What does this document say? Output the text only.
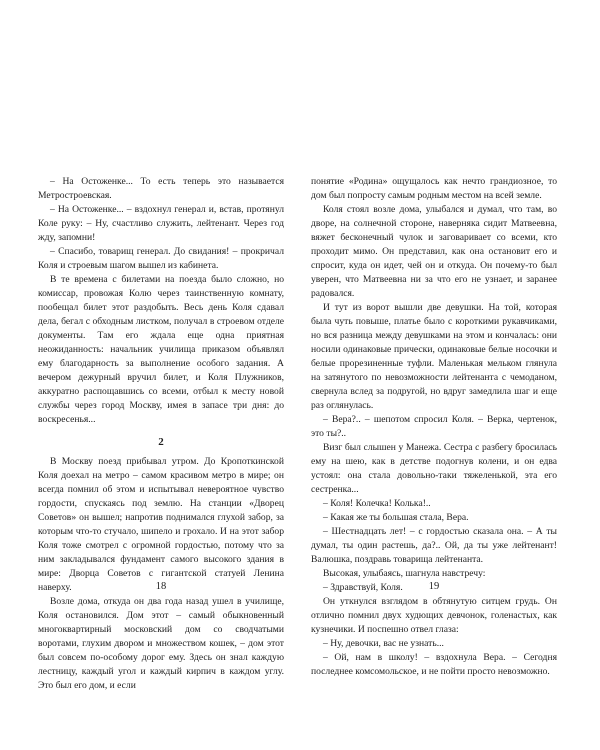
– На Остоженке... То есть теперь это называется Метростроевская.

– На Остоженке... – вздохнул генерал и, встав, протянул Коле руку: – Ну, счастливо служить, лейтенант. Через год жду, запомни!

– Спасибо, товарищ генерал. До свидания! – прокричал Коля и строевым шагом вышел из кабинета.

В те времена с билетами на поезда было сложно, но комиссар, провожая Колю через таинственную комнату, пообещал билет этот раздобыть. Весь день Коля сдавал дела, бегал с обходным листком, получал в строевом отделе документы. Там его ждала еще одна приятная неожиданность: начальник училища приказом объявлял ему благодарность за выполнение особого задания. А вечером дежурный вручил билет, и Коля Плужников, аккуратно распощавшись со всеми, отбыл к месту новой службы через город Москву, имея в запасе три дня: до воскресенья...

2

В Москву поезд прибывал утром. До Кропоткинской Коля доехал на метро – самом красивом метро в мире; он всегда помнил об этом и испытывал невероятное чувство гордости, спускаясь под землю. На станции «Дворец Советов» он вышел; напротив поднимался глухой забор, за которым что-то стучало, шипело и грохало. И на этот забор Коля тоже смотрел с огромной гордостью, потому что за ним закладывался фундамент самого высокого здания в мире: Дворца Советов с гигантской статуей Ленина наверху.

Возле дома, откуда он два года назад ушел в училище, Коля остановился. Дом этот – самый обыкновенный многоквартирный московский дом со сводчатыми воротами, глухим двором и множеством кошек, – дом этот был совсем по-особому дорог ему. Здесь он знал каждую лестницу, каждый угол и каждый кирпич в каждом углу. Это был его дом, и если

18

понятие «Родина» ощущалось как нечто грандиозное, то дом был попросту самым родным местом на всей земле.

Коля стоял возле дома, улыбался и думал, что там, во дворе, на солнечной стороне, наверняка сидит Матвеевна, вяжет бесконечный чулок и заговаривает со всеми, кто проходит мимо. Он представил, как она остановит его и спросит, куда он идет, чей он и откуда. Он почему-то был уверен, что Матвеевна ни за что его не узнает, и заранее радовался.

И тут из ворот вышли две девушки. На той, которая была чуть повыше, платье было с короткими рукавчиками, но вся разница между девушками на этом и кончалась: они носили одинаковые прически, одинаковые белые носочки и белые прорезиненные туфли. Маленькая мельком глянула на затянутого по невозможности лейтенанта с чемоданом, свернула вслед за подругой, но вдруг замедлила шаг и еще раз оглянулась.

– Вера?.. – шепотом спросил Коля. – Верка, чертенок, это ты?..

Визг был слышен у Манежа. Сестра с разбегу бросилась ему на шею, как в детстве подогнув колени, и он едва устоял: она стала довольно-таки тяжеленькой, эта его сестренка...

– Коля! Колечка! Колька!..

– Какая же ты большая стала, Вера.

– Шестнадцать лет! – с гордостью сказала она. – А ты думал, ты один растешь, да?.. Ой, да ты уже лейтенант! Валюшка, поздравь товарища лейтенанта.

Высокая, улыбаясь, шагнула навстречу:

– Здравствуй, Коля.

Он уткнулся взглядом в обтянутую ситцем грудь. Он отлично помнил двух худющих девчонок, голенастых, как кузнечики. И поспешно отвел глаза:

– Ну, девочки, вас не узнать...

– Ой, нам в школу! – вздохнула Вера. – Сегодня последнее комсомольское, и не пойти просто невозможно.

19
